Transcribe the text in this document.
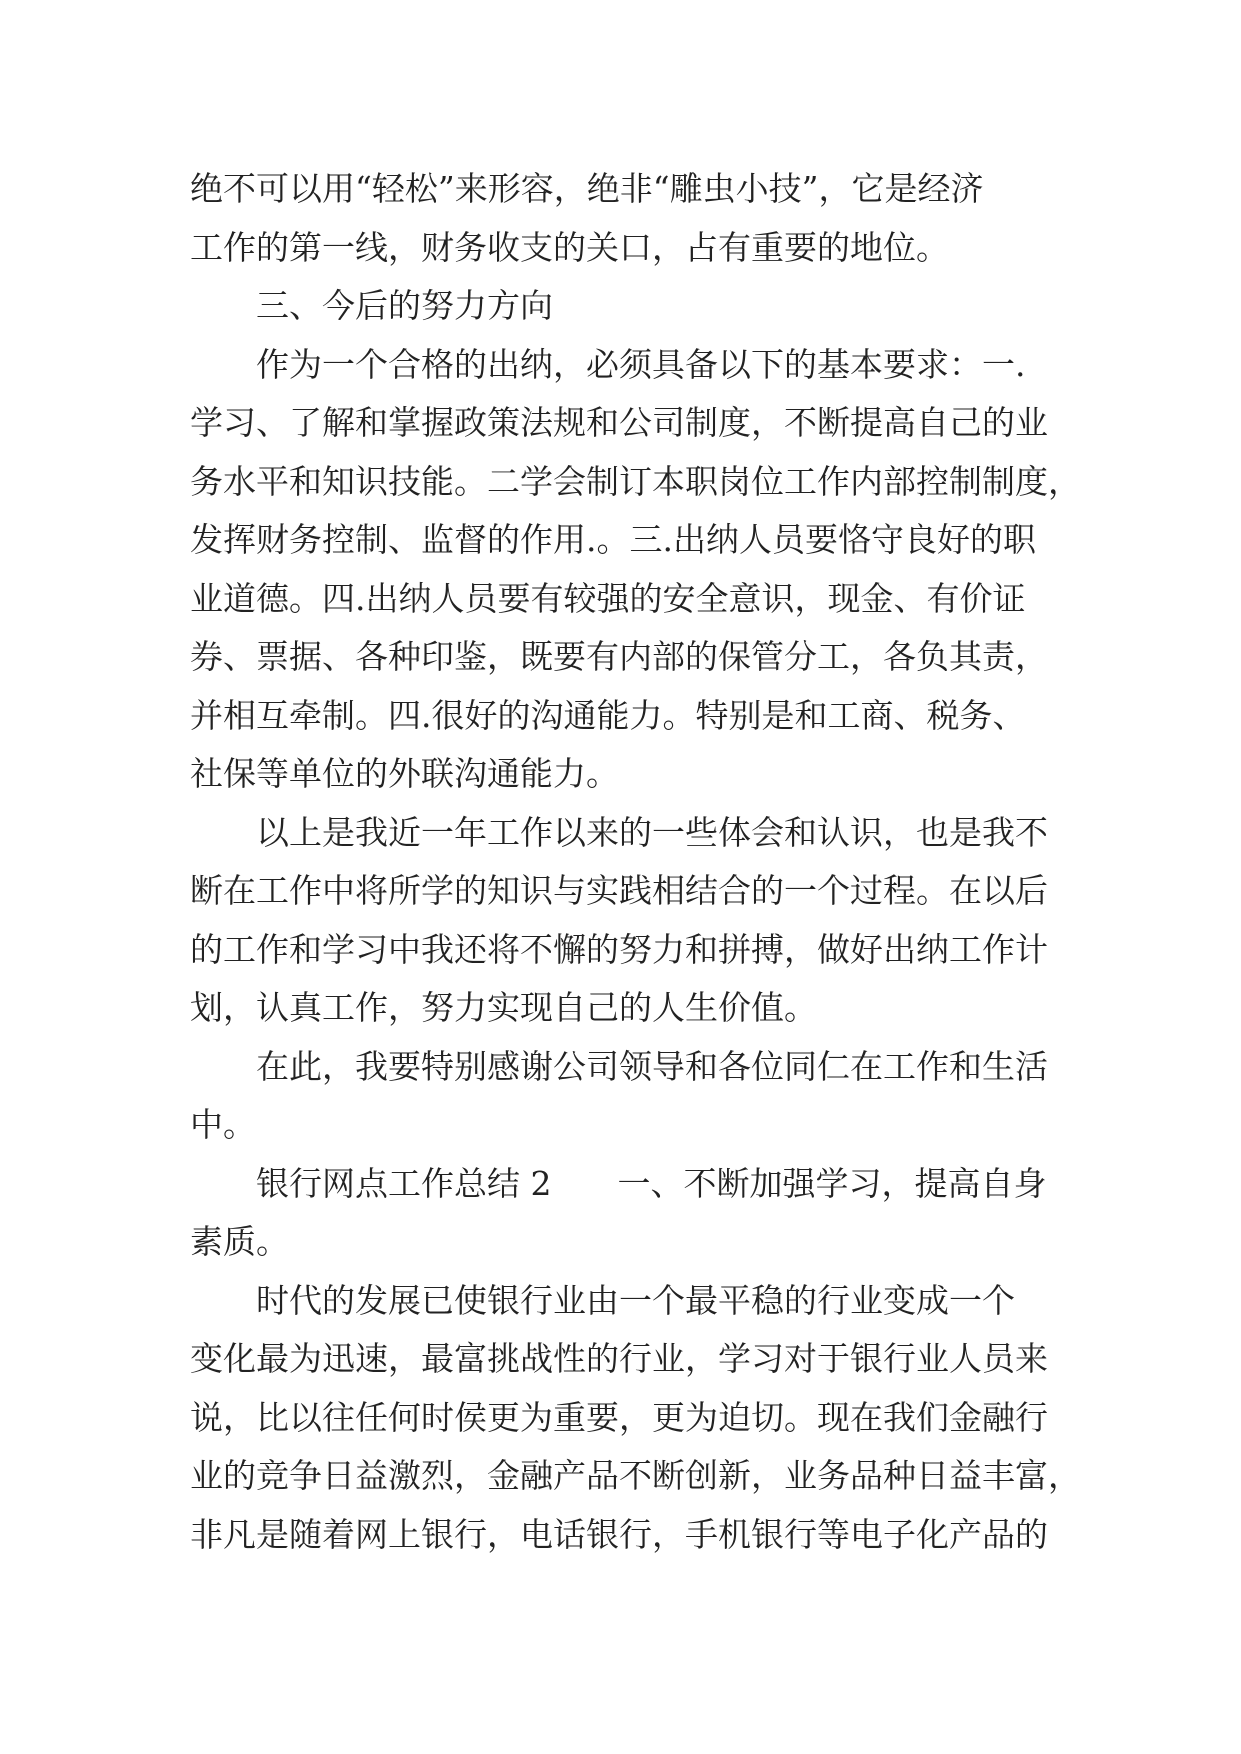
绝不可以用“轻松”来形容，绝非“雕虫小技”，它是经济

工作的第一线，财务收支的关口，占有重要的地位。

三、今后的努力方向

作为一个合格的出纳，必须具备以下的基本要求：一.

学习、了解和掌握政策法规和公司制度，不断提高自己的业

务水平和知识技能。二学会制订本职岗位工作内部控制制度，

发挥财务控制、监督的作用.。三.出纳人员要恪守良好的职

业道德。四.出纳人员要有较强的安全意识，现金、有价证

券、票据、各种印鉴，既要有内部的保管分工，各负其责，

并相互牵制。四.很好的沟通能力。特别是和工商、税务、

社保等单位的外联沟通能力。

以上是我近一年工作以来的一些体会和认识，也是我不

断在工作中将所学的知识与实践相结合的一个过程。在以后

的工作和学习中我还将不懈的努力和拼搏，做好出纳工作计

划，认真工作，努力实现自己的人生价值。

在此，我要特别感谢公司领导和各位同仁在工作和生活

中。

银行网点工作总结 2　　一、不断加强学习，提高自身

素质。

时代的发展已使银行业由一个最平稳的行业变成一个

变化最为迅速，最富挑战性的行业，学习对于银行业人员来

说，比以往任何时侯更为重要，更为迫切。现在我们金融行

业的竞争日益激烈，金融产品不断创新，业务品种日益丰富，

非凡是随着网上银行，电话银行，手机银行等电子化产品的
